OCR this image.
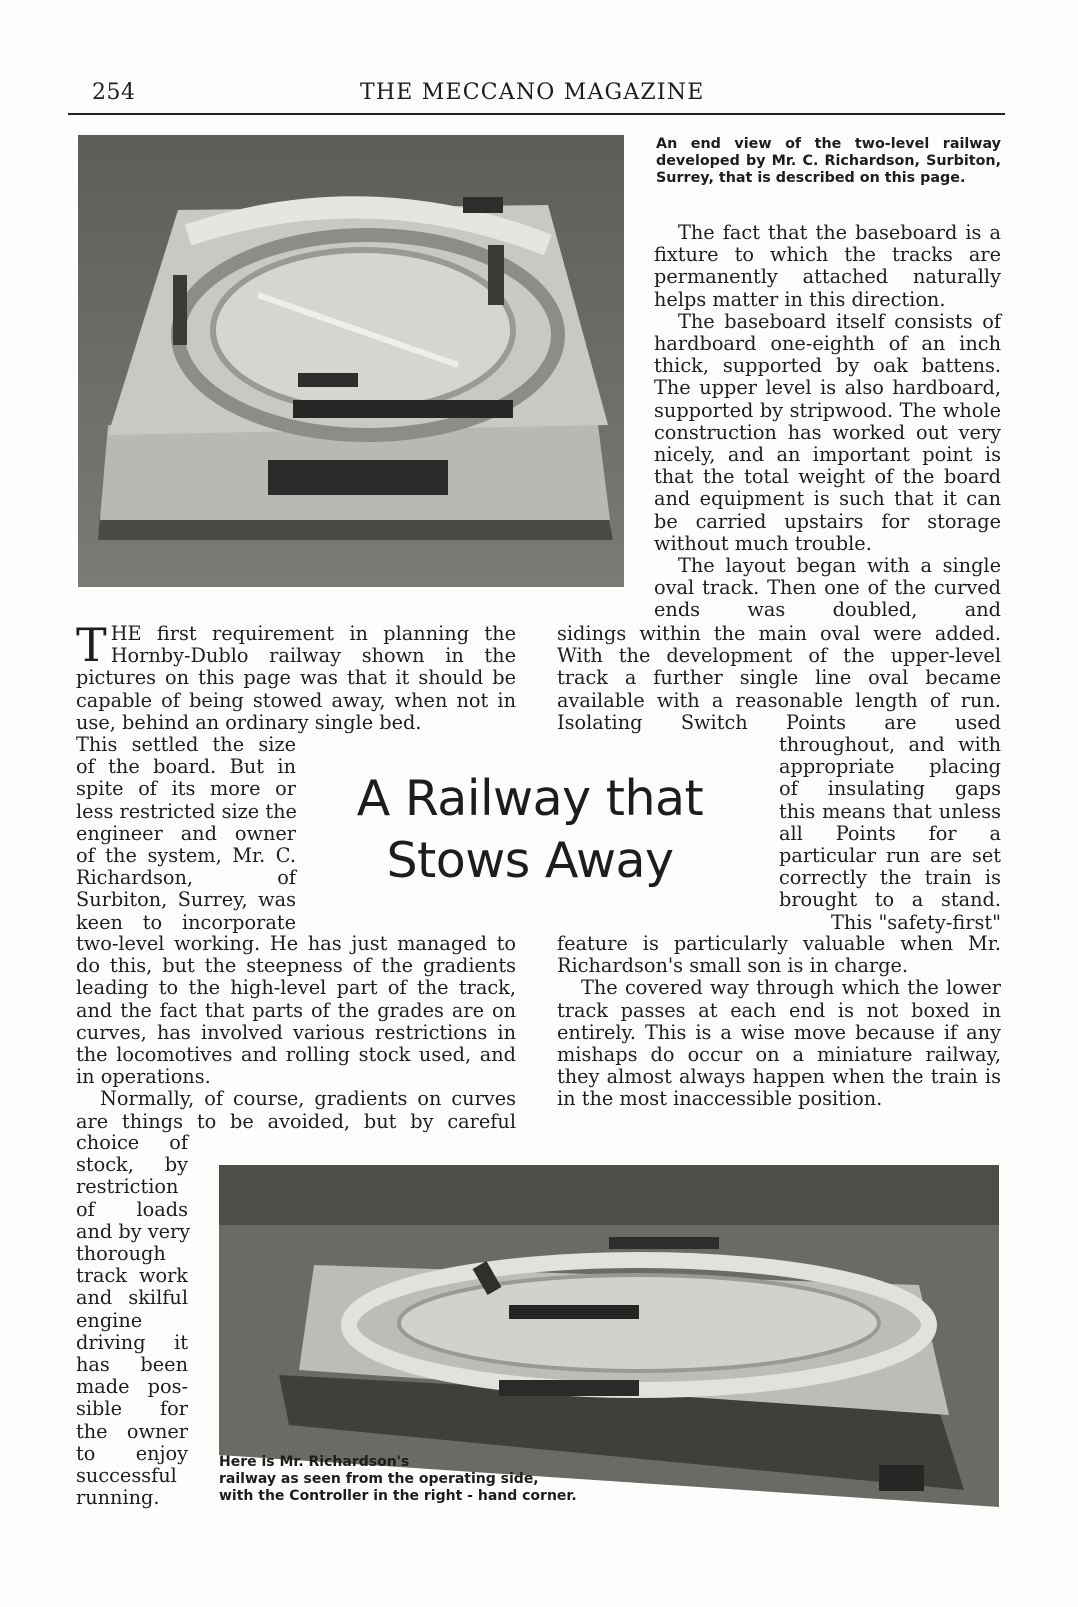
254	THE MECCANO MAGAZINE
An end view of the two-level railway developed by Mr. C. Richardson, Surbiton, Surrey, that is described on this page.

The fact that the baseboard is a fixture to which the tracks are permanently attached naturally helps matter in this direction.

The baseboard itself consists of hardboard one-eighth of an inch thick, supported by oak battens. The upper level is also hardboard, supported by stripwood. The whole construction has worked out very nicely, and an important point is that the total weight of the board and equipment is such that it can be carried upstairs for storage without much trouble.

The layout began with a single oval track. Then one of the curved ends was doubled, and

THE first requirement in planning the Hornby-Dublo railway shown in the pictures on this page was that it should be capable of being stowed away, when not in use, behind an ordinary single bed.
This settled the size
of the board. But in
spite of its more or
less restricted size the
engineer and owner
of the system, Mr. C.
Richardson, of
Surbiton, Surrey, was
keen to incorporate
A Railway that
Stows Away

sidings within the main oval were added. With the development of the upper-level track a further single line oval became available with a reasonable length of run. Isolating Switch Points are used

throughout, and with
appropriate placing
of insulating gaps
this means that unless
all Points for a
particular run are set
correctly the train is
brought to a stand.
This "safety-first"

two-level working. He has just managed to do this, but the steepness of the gradients leading to the high-level part of the track, and the fact that parts of the grades are on curves, has involved various restrictions in the locomotives and rolling stock used, and in operations.

Normally, of course, gradients on curves are things to be avoided, but by careful

feature is particularly valuable when Mr. Richardson's small son is in charge.

The covered way through which the lower track passes at each end is not boxed in entirely. This is a wise move because if any mishaps do occur on a miniature railway, they almost always happen when the train is in the most inaccessible position.

choice of
stock, by
restriction
of loads
and by very
thorough
track work
and skilful
engine
driving it
has been
made pos-
sible for
the owner
to enjoy
successful
running.
Here is Mr. Richardson's
railway as seen from the operating side,
with the Controller in the right - hand corner.
